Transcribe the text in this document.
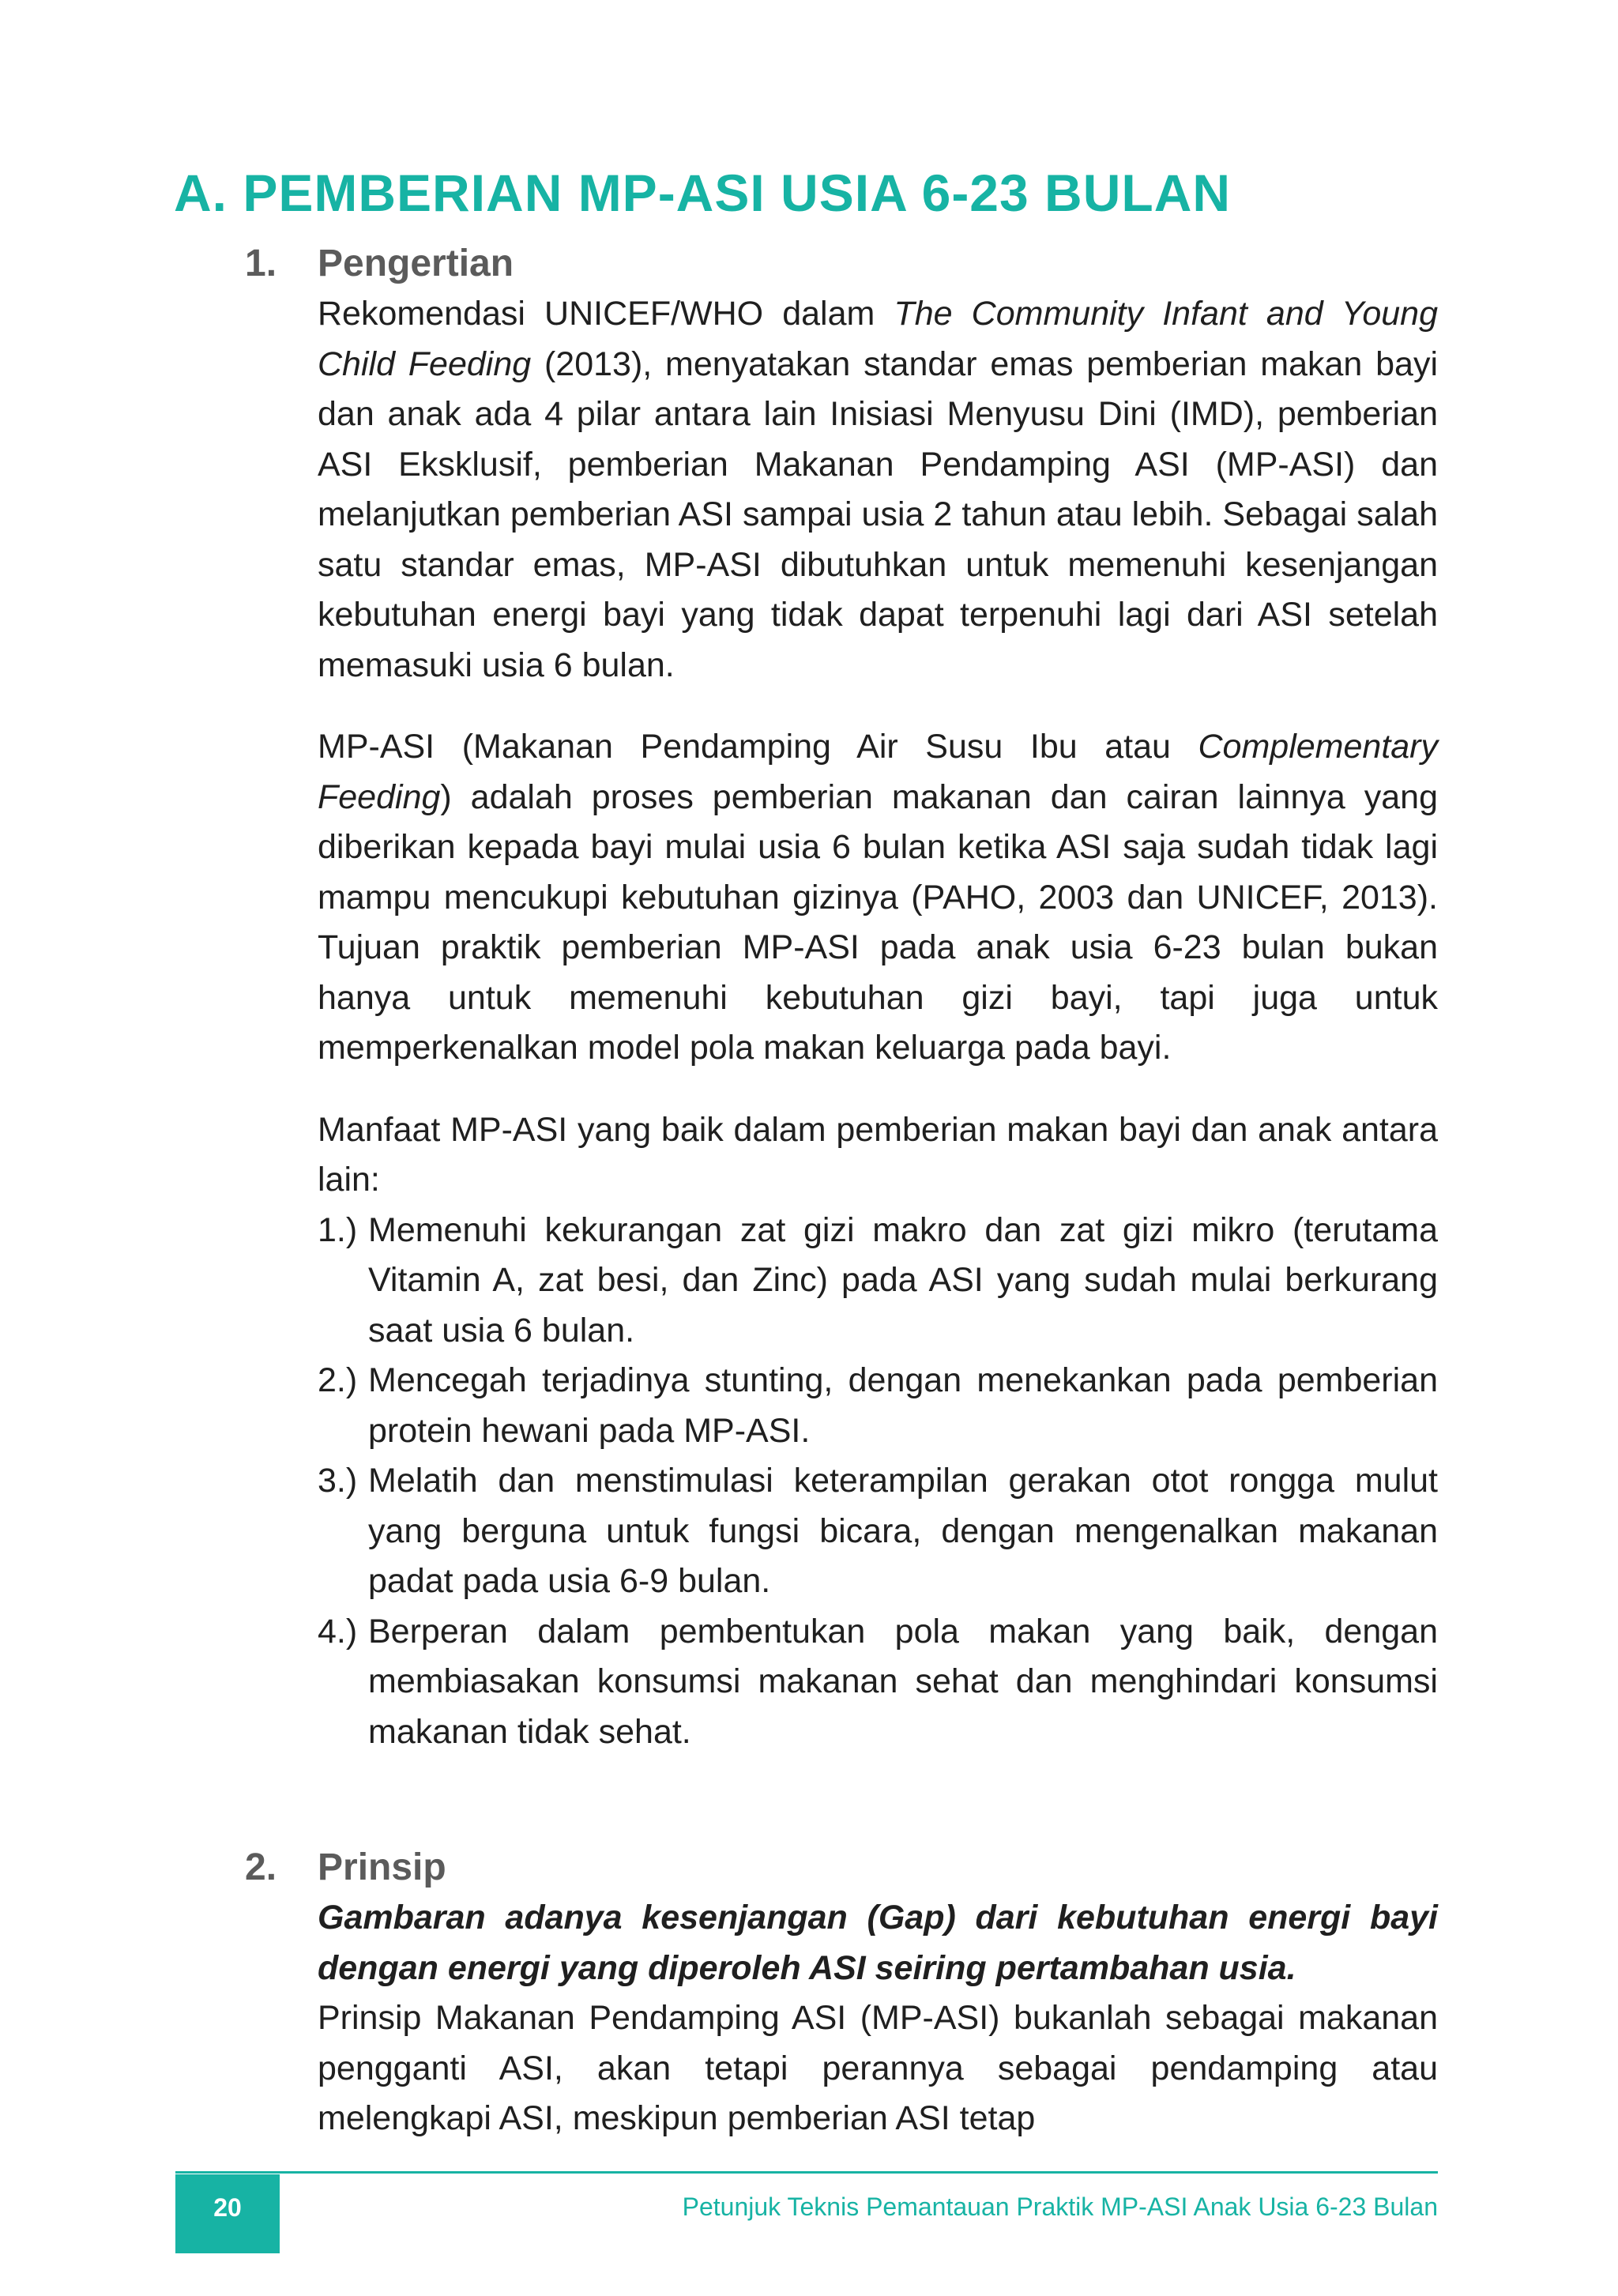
A. PEMBERIAN MP-ASI USIA 6-23 BULAN
1. Pengertian

Rekomendasi UNICEF/WHO dalam The Community Infant and Young Child Feeding (2013), menyatakan standar emas pemberian makan bayi dan anak ada 4 pilar antara lain Inisiasi Menyusu Dini (IMD), pemberian ASI Eksklusif, pemberian Makanan Pendamping ASI (MP-ASI) dan melanjutkan pemberian ASI sampai usia 2 tahun atau lebih. Sebagai salah satu standar emas, MP-ASI dibutuhkan untuk memenuhi kesenjangan kebutuhan energi bayi yang tidak dapat terpenuhi lagi dari ASI setelah memasuki usia 6 bulan.

MP-ASI (Makanan Pendamping Air Susu Ibu atau Complementary Feeding) adalah proses pemberian makanan dan cairan lainnya yang diberikan kepada bayi mulai usia 6 bulan ketika ASI saja sudah tidak lagi mampu mencukupi kebutuhan gizinya (PAHO, 2003 dan UNICEF, 2013). Tujuan praktik pemberian MP-ASI pada anak usia 6-23 bulan bukan hanya untuk memenuhi kebutuhan gizi bayi, tapi juga untuk memperkenalkan model pola makan keluarga pada bayi.

Manfaat MP-ASI yang baik dalam pemberian makan bayi dan anak antara lain:

1.) Memenuhi kekurangan zat gizi makro dan zat gizi mikro (terutama Vitamin A, zat besi, dan Zinc) pada ASI yang sudah mulai berkurang saat usia 6 bulan.
2.) Mencegah terjadinya stunting, dengan menekankan pada pemberian protein hewani pada MP-ASI.
3.) Melatih dan menstimulasi keterampilan gerakan otot rongga mulut yang berguna untuk fungsi bicara, dengan mengenalkan makanan padat pada usia 6-9 bulan.
4.) Berperan dalam pembentukan pola makan yang baik, dengan membiasakan konsumsi makanan sehat dan menghindari konsumsi makanan tidak sehat.
2. Prinsip

Gambaran adanya kesenjangan (Gap) dari kebutuhan energi bayi dengan energi yang diperoleh ASI seiring pertambahan usia.

Prinsip Makanan Pendamping ASI (MP-ASI) bukanlah sebagai makanan pengganti ASI, akan tetapi perannya sebagai pendamping atau melengkapi ASI, meskipun pemberian ASI tetap

20	Petunjuk Teknis Pemantauan Praktik MP-ASI Anak Usia 6-23 Bulan
